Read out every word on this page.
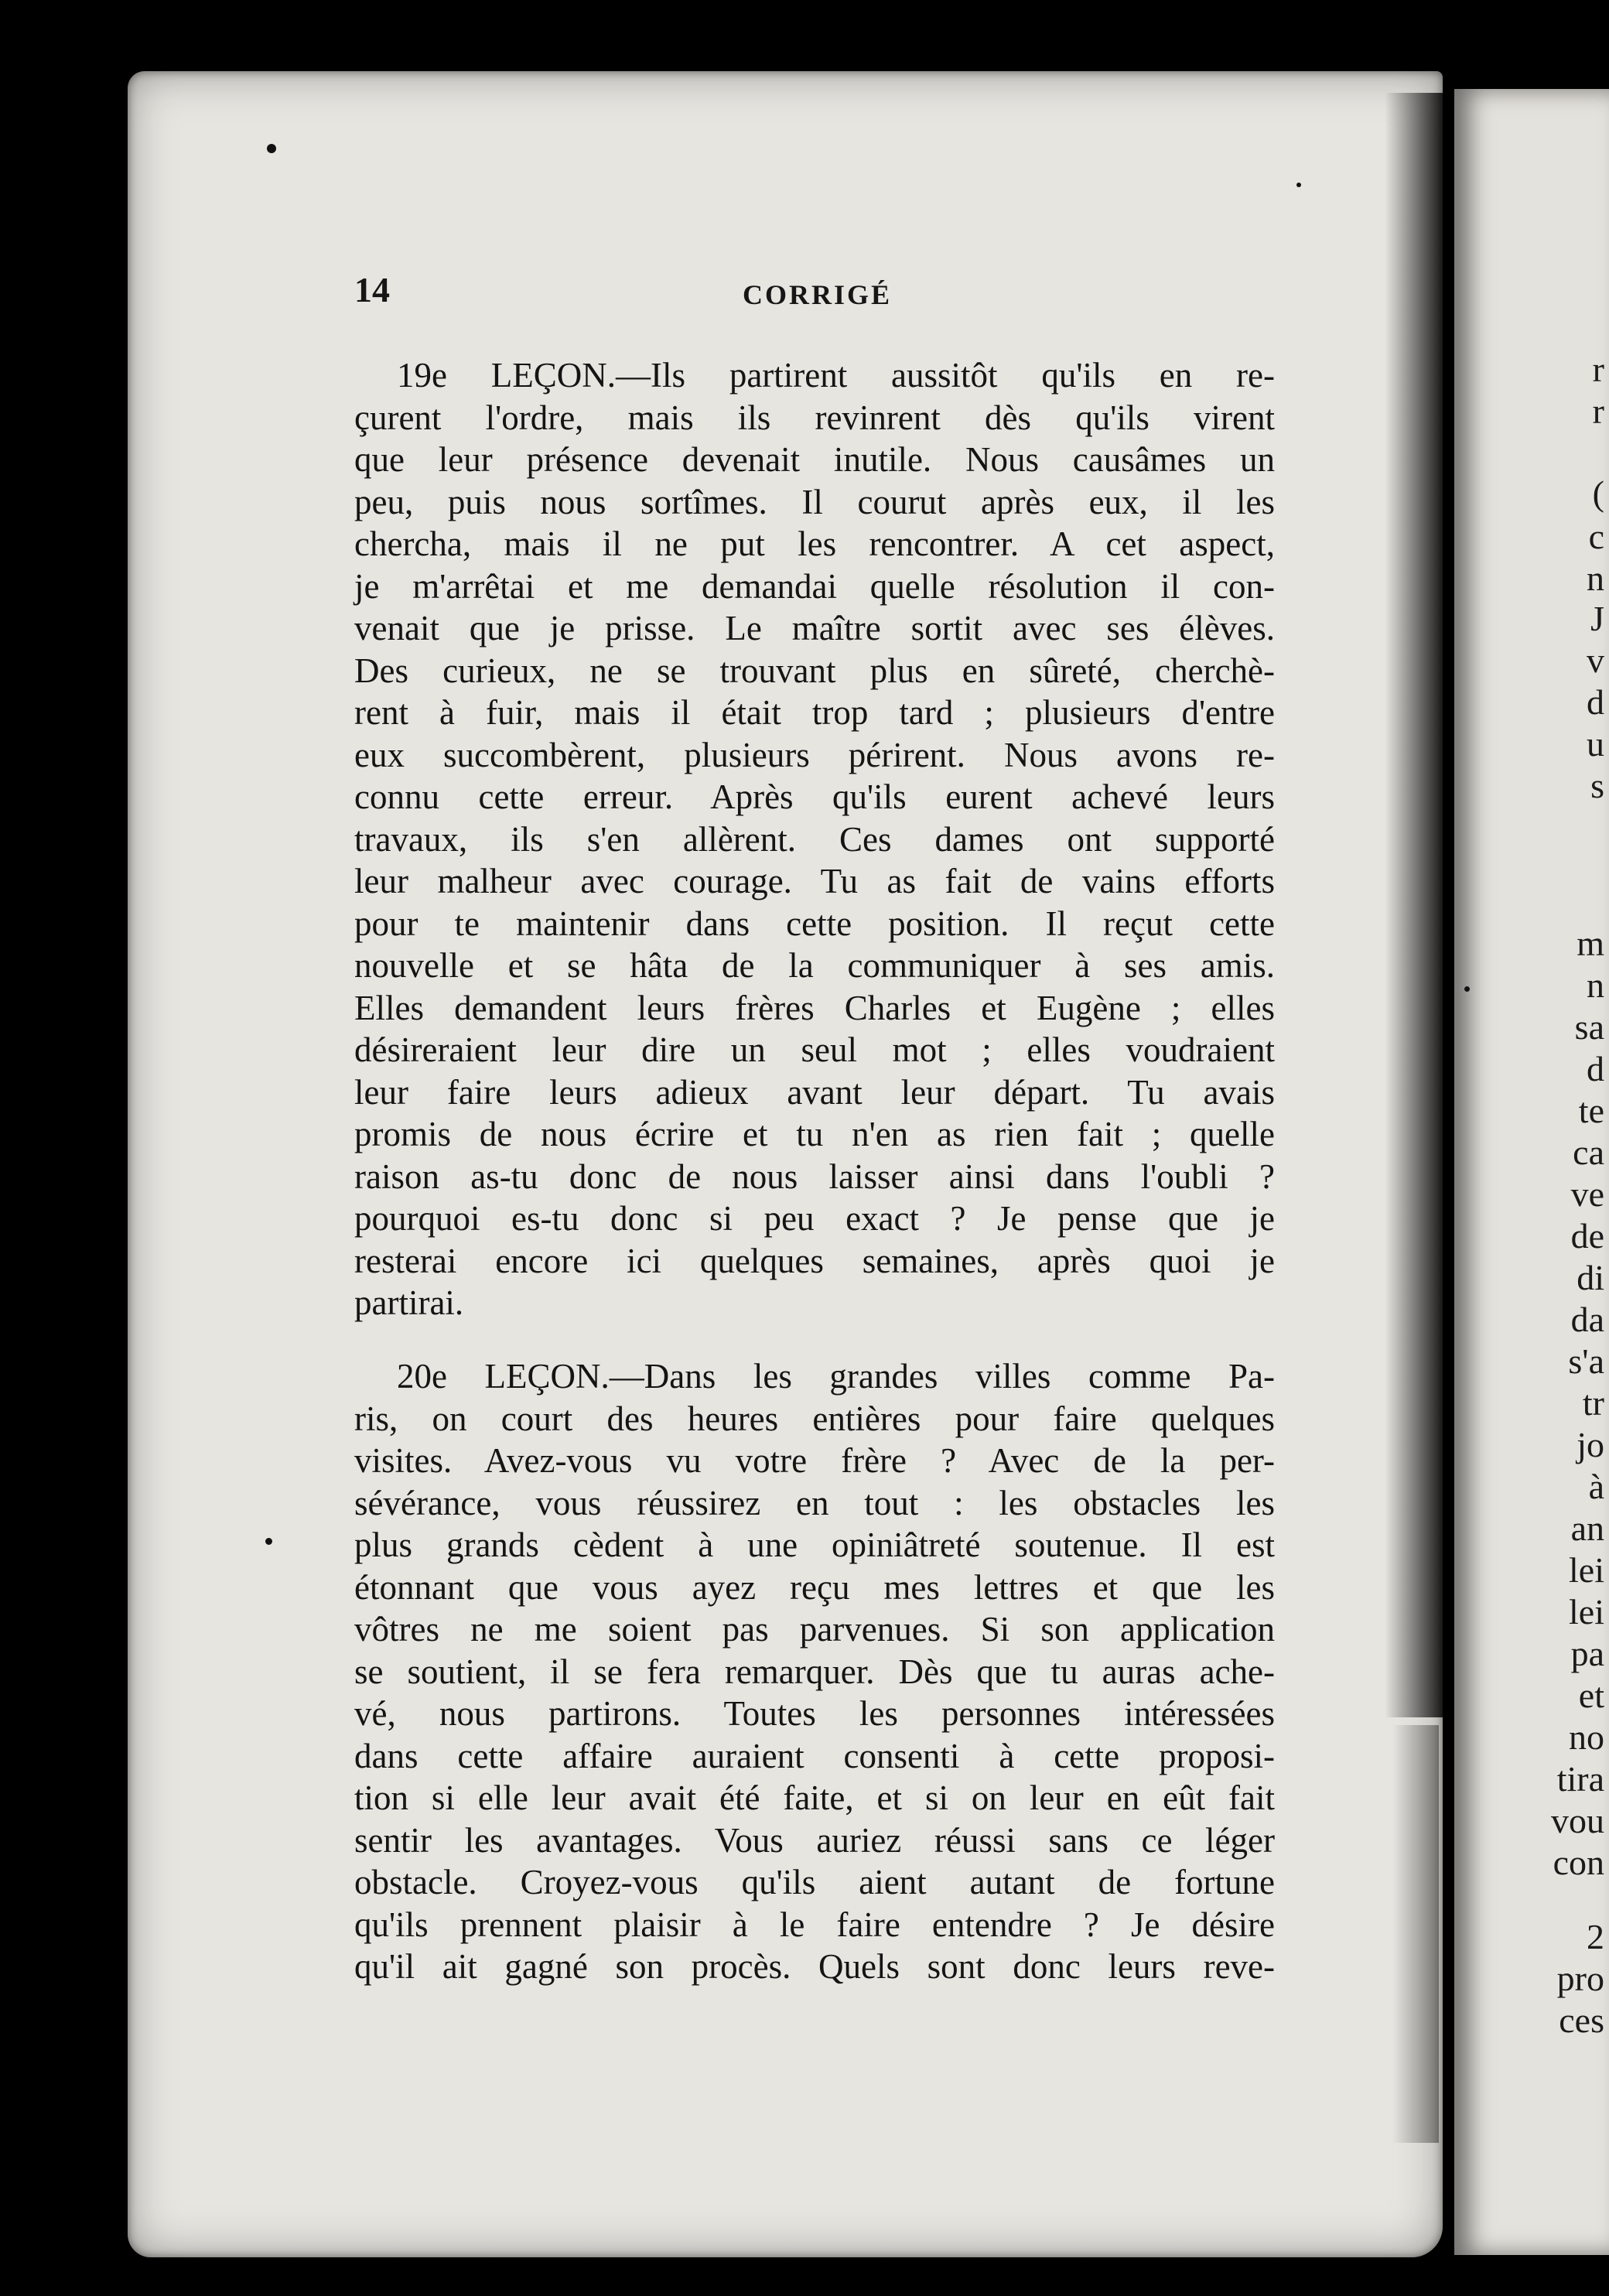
r
r
(
c
n
J
v
d
u
s
m
n
sa
d
te
ca
ve
de
di
da
s'a
tr
jo
à
an
lei
lei
pa
et
no
tira
vou
con
2
pro
ces
14	CORRIGÉ
19e LEÇON.—Ils partirent aussitôt qu'ils en re-
çurent l'ordre, mais ils revinrent dès qu'ils virent
que leur présence devenait inutile. Nous causâmes un
peu, puis nous sortîmes. Il courut après eux, il les
chercha, mais il ne put les rencontrer. A cet aspect,
je m'arrêtai et me demandai quelle résolution il con-
venait que je prisse. Le maître sortit avec ses élèves.
Des curieux, ne se trouvant plus en sûreté, cherchè-
rent à fuir, mais il était trop tard ; plusieurs d'entre
eux succombèrent, plusieurs périrent. Nous avons re-
connu cette erreur. Après qu'ils eurent achevé leurs
travaux, ils s'en allèrent. Ces dames ont supporté
leur malheur avec courage. Tu as fait de vains efforts
pour te maintenir dans cette position. Il reçut cette
nouvelle et se hâta de la communiquer à ses amis.
Elles demandent leurs frères Charles et Eugène ; elles
désireraient leur dire un seul mot ; elles voudraient
leur faire leurs adieux avant leur départ. Tu avais
promis de nous écrire et tu n'en as rien fait ; quelle
raison as-tu donc de nous laisser ainsi dans l'oubli ?
pourquoi es-tu donc si peu exact ? Je pense que je
resterai encore ici quelques semaines, après quoi je
partirai.
20e LEÇON.—Dans les grandes villes comme Pa-
ris, on court des heures entières pour faire quelques
visites. Avez-vous vu votre frère ? Avec de la per-
sévérance, vous réussirez en tout : les obstacles les
plus grands cèdent à une opiniâtreté soutenue. Il est
étonnant que vous ayez reçu mes lettres et que les
vôtres ne me soient pas parvenues. Si son application
se soutient, il se fera remarquer. Dès que tu auras ache-
vé, nous partirons. Toutes les personnes intéressées
dans cette affaire auraient consenti à cette proposi-
tion si elle leur avait été faite, et si on leur en eût fait
sentir les avantages. Vous auriez réussi sans ce léger
obstacle. Croyez-vous qu'ils aient autant de fortune
qu'ils prennent plaisir à le faire entendre ? Je désire
qu'il ait gagné son procès. Quels sont donc leurs reve-
